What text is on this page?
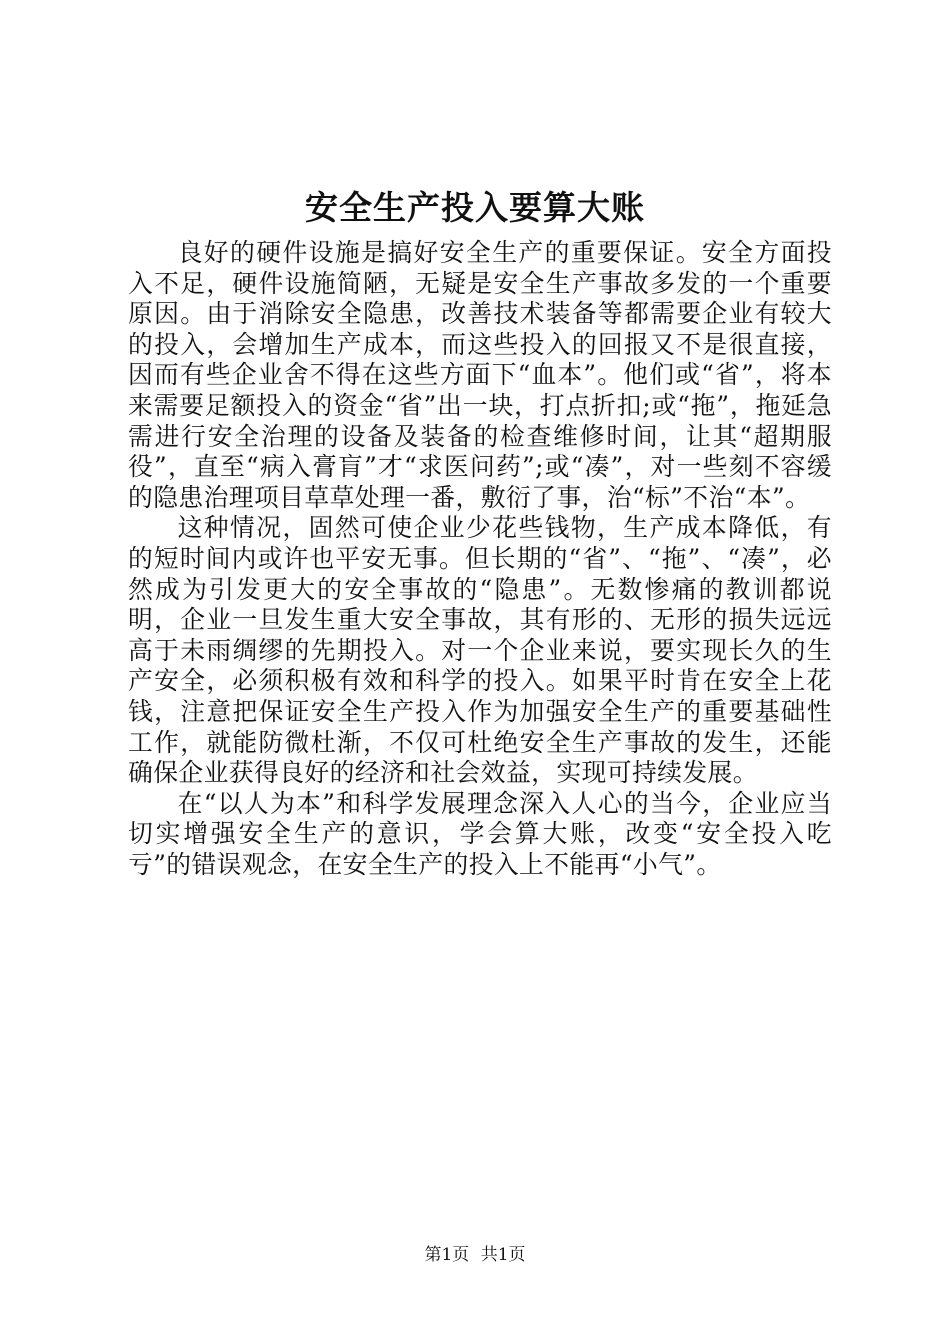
安全生产投入要算大账

良好的硬件设施是搞好安全生产的重要保证。安全方面投入不足，硬件设施简陋，无疑是安全生产事故多发的一个重要原因。由于消除安全隐患，改善技术装备等都需要企业有较大的投入，会增加生产成本，而这些投入的回报又不是很直接，因而有些企业舍不得在这些方面下“血本”。他们或“省”，将本来需要足额投入的资金“省”出一块，打点折扣;或“拖”，拖延急需进行安全治理的设备及装备的检查维修时间，让其“超期服役”，直至“病入膏肓”才“求医问药”;或“凑”，对一些刻不容缓的隐患治理项目草草处理一番，敷衍了事，治“标”不治“本”。

这种情况，固然可使企业少花些钱物，生产成本降低，有的短时间内或许也平安无事。但长期的“省”、“拖”、“凑”，必然成为引发更大的安全事故的“隐患”。无数惨痛的教训都说明，企业一旦发生重大安全事故，其有形的、无形的损失远远高于未雨绸缪的先期投入。对一个企业来说，要实现长久的生产安全，必须积极有效和科学的投入。如果平时肯在安全上花钱，注意把保证安全生产投入作为加强安全生产的重要基础性工作，就能防微杜渐，不仅可杜绝安全生产事故的发生，还能确保企业获得良好的经济和社会效益，实现可持续发展。

在“以人为本”和科学发展理念深入人心的当今，企业应当切实增强安全生产的意识，学会算大账，改变“安全投入吃亏”的错误观念，在安全生产的投入上不能再“小气”。

第1页 共1页
